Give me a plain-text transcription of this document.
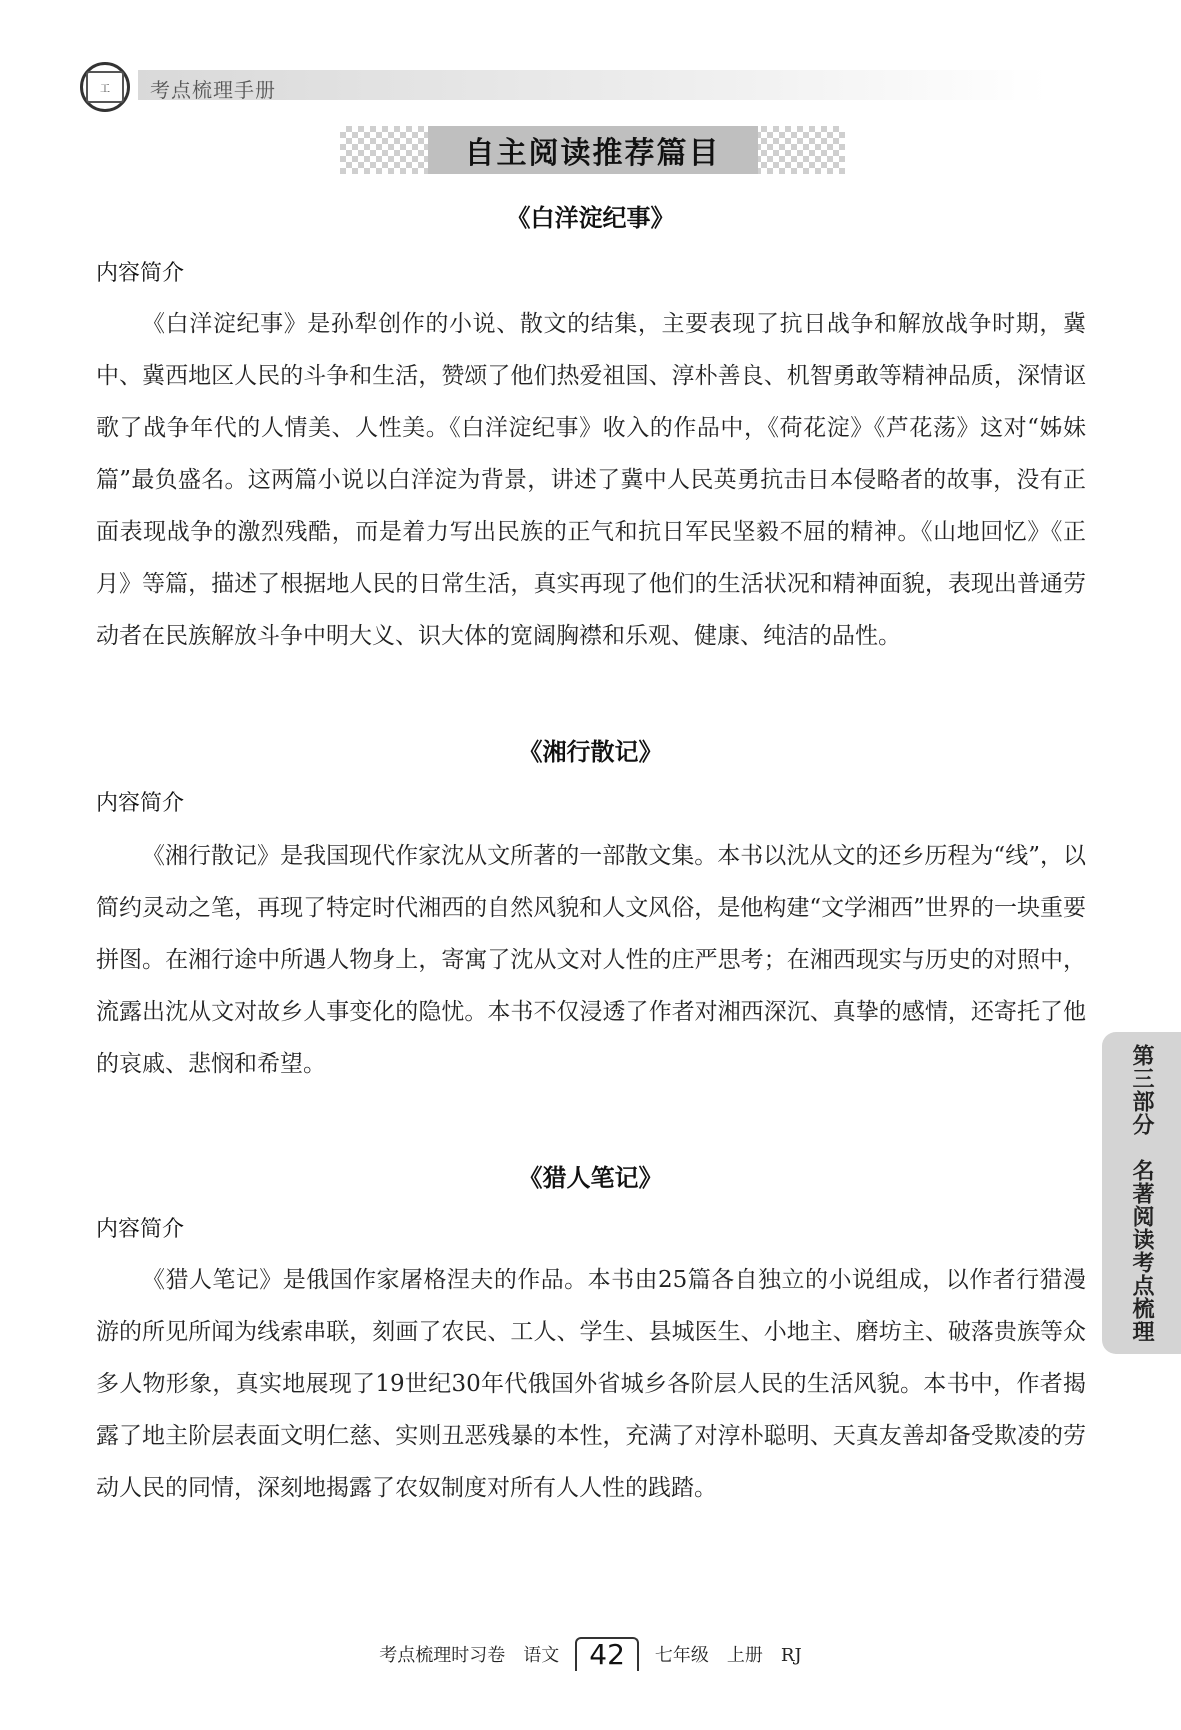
工	考点梳理手册
自主阅读推荐篇目
《白洋淀纪事》
内容简介

《白洋淀纪事》是孙犁创作的小说、散文的结集，主要表现了抗日战争和解放战争时期，冀中、冀西地区人民的斗争和生活，赞颂了他们热爱祖国、淳朴善良、机智勇敢等精神品质，深情讴歌了战争年代的人情美、人性美。《白洋淀纪事》收入的作品中，《荷花淀》《芦花荡》这对“姊妹篇”最负盛名。这两篇小说以白洋淀为背景，讲述了冀中人民英勇抗击日本侵略者的故事，没有正面表现战争的激烈残酷，而是着力写出民族的正气和抗日军民坚毅不屈的精神。《山地回忆》《正月》等篇，描述了根据地人民的日常生活，真实再现了他们的生活状况和精神面貌，表现出普通劳动者在民族解放斗争中明大义、识大体的宽阔胸襟和乐观、健康、纯洁的品性。

《湘行散记》
内容简介

《湘行散记》是我国现代作家沈从文所著的一部散文集。本书以沈从文的还乡历程为“线”，以简约灵动之笔，再现了特定时代湘西的自然风貌和人文风俗，是他构建“文学湘西”世界的一块重要拼图。在湘行途中所遇人物身上，寄寓了沈从文对人性的庄严思考；在湘西现实与历史的对照中，流露出沈从文对故乡人事变化的隐忧。本书不仅浸透了作者对湘西深沉、真挚的感情，还寄托了他的哀戚、悲悯和希望。

《猎人笔记》
内容简介

《猎人笔记》是俄国作家屠格涅夫的作品。本书由25篇各自独立的小说组成，以作者行猎漫游的所见所闻为线索串联，刻画了农民、工人、学生、县城医生、小地主、磨坊主、破落贵族等众多人物形象，真实地展现了19世纪30年代俄国外省城乡各阶层人民的生活风貌。本书中，作者揭露了地主阶层表面文明仁慈、实则丑恶残暴的本性，充满了对淳朴聪明、天真友善却备受欺凌的劳动人民的同情，深刻地揭露了农奴制度对所有人人性的践踏。

第三部分　名著阅读考点梳理
考点梳理时习卷　语文	42	七年级　上册　RJ
